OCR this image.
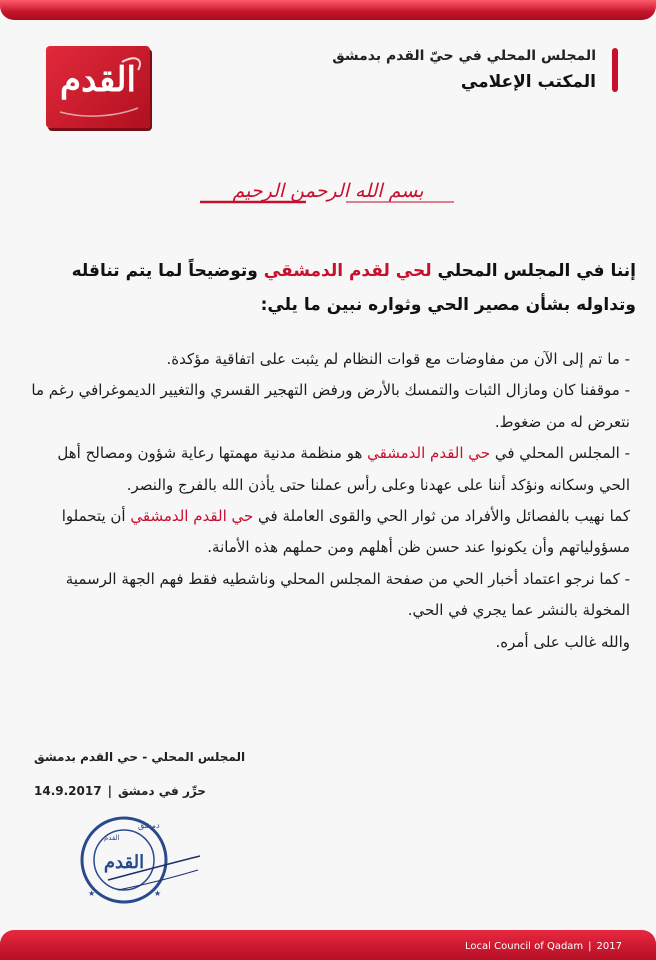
القدم
المجلس المحلي في حيّ القدم بدمشق
المكتب الإعلامي
بسم الله الرحمن الرحيم
إننا في المجلس المحلي لحي لقدم الدمشقي وتوضيحاً لما يتم تناقله وتداوله بشأن مصير الحي وثواره نبين ما يلي:

- ما تم إلى الآن من مفاوضات مع قوات النظام لم يثبت على اتفاقية مؤكدة.

- موقفنا كان ومازال الثبات والتمسك بالأرض ورفض التهجير القسري والتغيير الديموغرافي رغم ما نتعرض له من ضغوط.

- المجلس المحلي في حي القدم الدمشقي هو منظمة مدنية مهمتها رعاية شؤون ومصالح أهل الحي وسكانه ونؤكد أننا على عهدنا وعلى رأس عملنا حتى يأذن الله بالفرج والنصر.

كما نهيب بالفصائل والأفراد من ثوار الحي والقوى العاملة في حي القدم الدمشقي أن يتحملوا مسؤولياتهم وأن يكونوا عند حسن ظن أهلهم ومن حملهم هذه الأمانة.

- كما نرجو اعتماد أخبار الحي من صفحة المجلس المحلي وناشطيه فقط فهم الجهة الرسمية المخولة بالنشر عما يجري في الحي.

والله غالب على أمره.

المجلس المحلي - حي القدم بدمشق
حرِّر في دمشق|14.9.2017
دمشق
القدم
القدم
★	★
Local Council of Qadam | 2017
